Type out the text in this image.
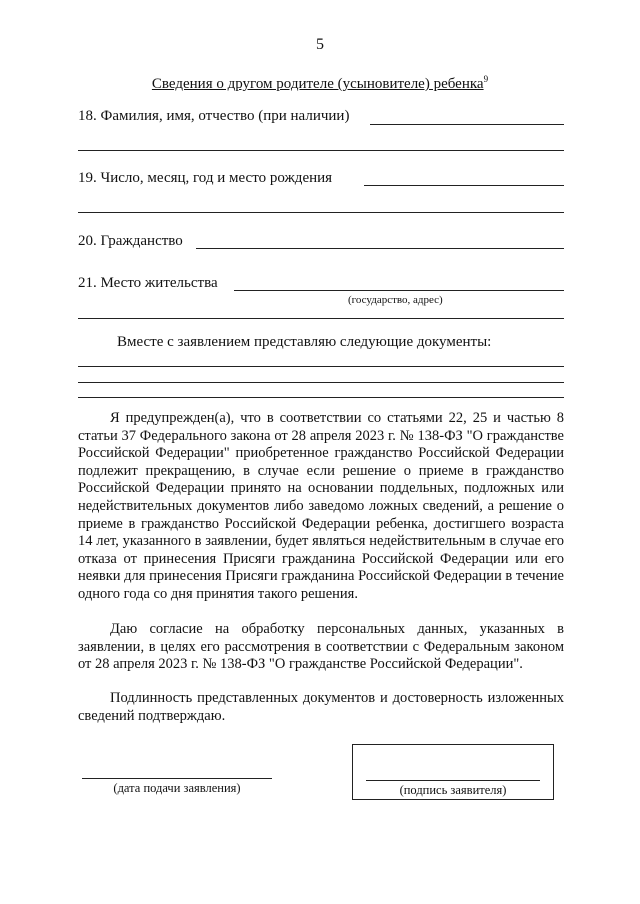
5
Сведения о другом родителе (усыновителе) ребенка$^9$
18. Фамилия, имя, отчество (при наличии)
19. Число, месяц, год и место рождения
20. Гражданство
21. Место жительства
(государство, адрес)
Вместе с заявлением представляю следующие документы:
Я предупрежден(а), что в соответствии со статьями 22, 25 и частью 8 статьи 37 Федерального закона от 28 апреля 2023 г. № 138-ФЗ "О гражданстве Российской Федерации" приобретенное гражданство Российской Федерации подлежит прекращению, в случае если решение о приеме в гражданство Российской Федерации принято на основании поддельных, подложных или недействительных документов либо заведомо ложных сведений, а решение о приеме в гражданство Российской Федерации ребенка, достигшего возраста 14 лет, указанного в заявлении, будет являться недействительным в случае его отказа от принесения Присяги гражданина Российской Федерации или его неявки для принесения Присяги гражданина Российской Федерации в течение одного года со дня принятия такого решения.
Даю согласие на обработку персональных данных, указанных в заявлении, в целях его рассмотрения в соответствии с Федеральным законом от 28 апреля 2023 г. № 138-ФЗ "О гражданстве Российской Федерации".
Подлинность представленных документов и достоверность изложенных сведений подтверждаю.
(дата подачи заявления)	(подпись заявителя)
